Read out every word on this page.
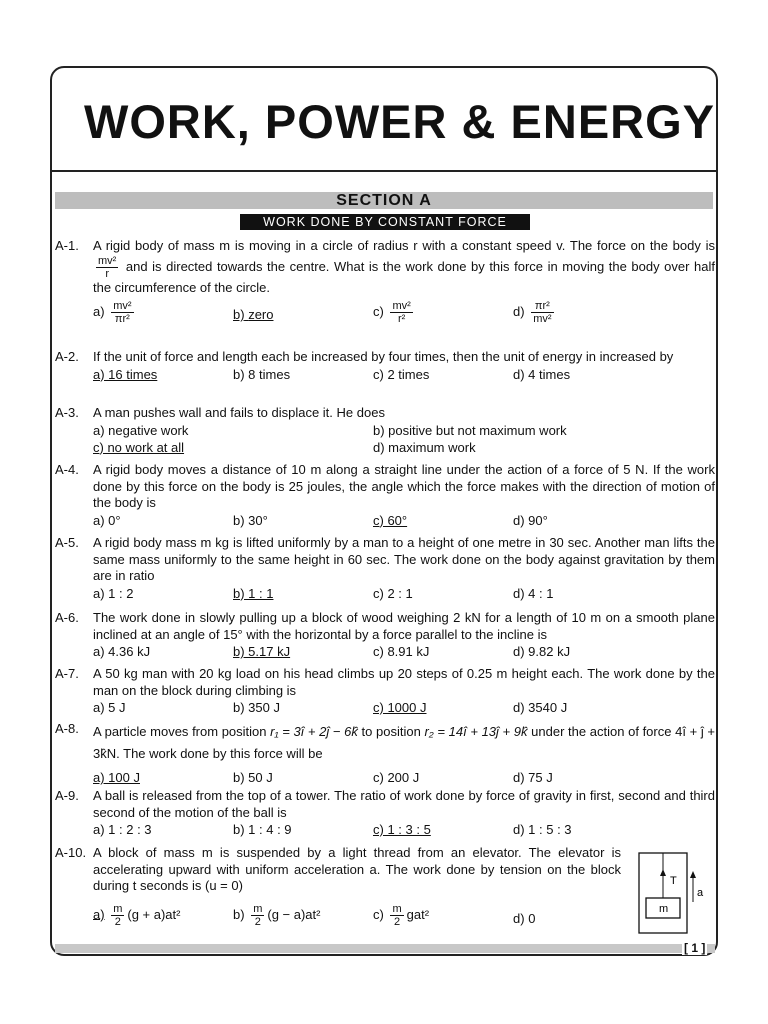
WORK, POWER & ENERGY
SECTION A
WORK DONE BY CONSTANT FORCE
A-1.	A rigid body of mass m is moving in a circle of radius r with a constant speed v. The force on the body is
$\frac{\text{mv²}}{r}$ and is directed towards the centre. What is the work done by this force in moving the body over half the circumference of the circle.
$a) \frac{\text{mv²}}{\text{πr²}}$	b) zero	$c) \frac{\text{mv²}}{\text{r²}}$	$d) \frac{\text{πr²}}{\text{mv²}}$
A-2.	If the unit of force and length each be increased by four times, then the unit of energy in increased by
a) 16 times	b) 8 times	c) 2 times	d) 4 times
A-3.	A man pushes wall and fails to displace it. He does
a) negative work	b) positive but not maximum work
c) no work at all	d) maximum work
A-4.	A rigid body moves a distance of 10 m along a straight line under the action of a force of 5 N. If the work done by this force on the body is 25 joules, the angle which the force makes with the direction of motion of the body is
a) 0°	b) 30°	c) 60°	d) 90°
A-5.	A rigid body mass m kg is lifted uniformly by a man to a height of one metre in 30 sec. Another man lifts the same mass uniformly to the same height in 60 sec. The work done on the body against gravitation by them are in ratio
a) 1 : 2	b) 1 : 1	c) 2 : 1	d) 4 : 1
A-6.	The work done in slowly pulling up a block of wood weighing 2 kN for a length of 10 m on a smooth plane inclined at an angle of 15° with the horizontal by a force parallel to the incline is
a) 4.36 kJ	b) 5.17 kJ	c) 8.91 kJ	d) 9.82 kJ
A-7.	A 50 kg man with 20 kg load on his head climbs up 20 steps of 0.25 m height each. The work done by the man on the block during climbing is
a) 5 J	b) 350 J	c) 1000 J	d) 3540 J
A-8.	A particle moves from position r₁ = 3î + 2ĵ − 6k̂ to position r₂ = 14î + 13ĵ + 9k̂ under the action of force 4î + ĵ + 3k̂N. The work done by this force will be
a) 100 J	b) 50 J	c) 200 J	d) 75 J
A-9.	A ball is released from the top of a tower. The ratio of work done by force of gravity in first, second and third second of the motion of the ball is
a) 1 : 2 : 3	b) 1 : 4 : 9	c) 1 : 3 : 5	d) 1 : 5 : 3
A-10. A block of mass m is suspended by a light thread from an elevator. The elevator is accelerating upward with uniform acceleration a. The work done by tension on the block during t seconds is (u = 0)
$a) \frac{m}{2} (g + a)at^2$	$b) \frac{m}{2} (g - a)at^2$	$c) \frac{m}{2} gat^2$	d) 0
T
m
a
[ 1 ]
